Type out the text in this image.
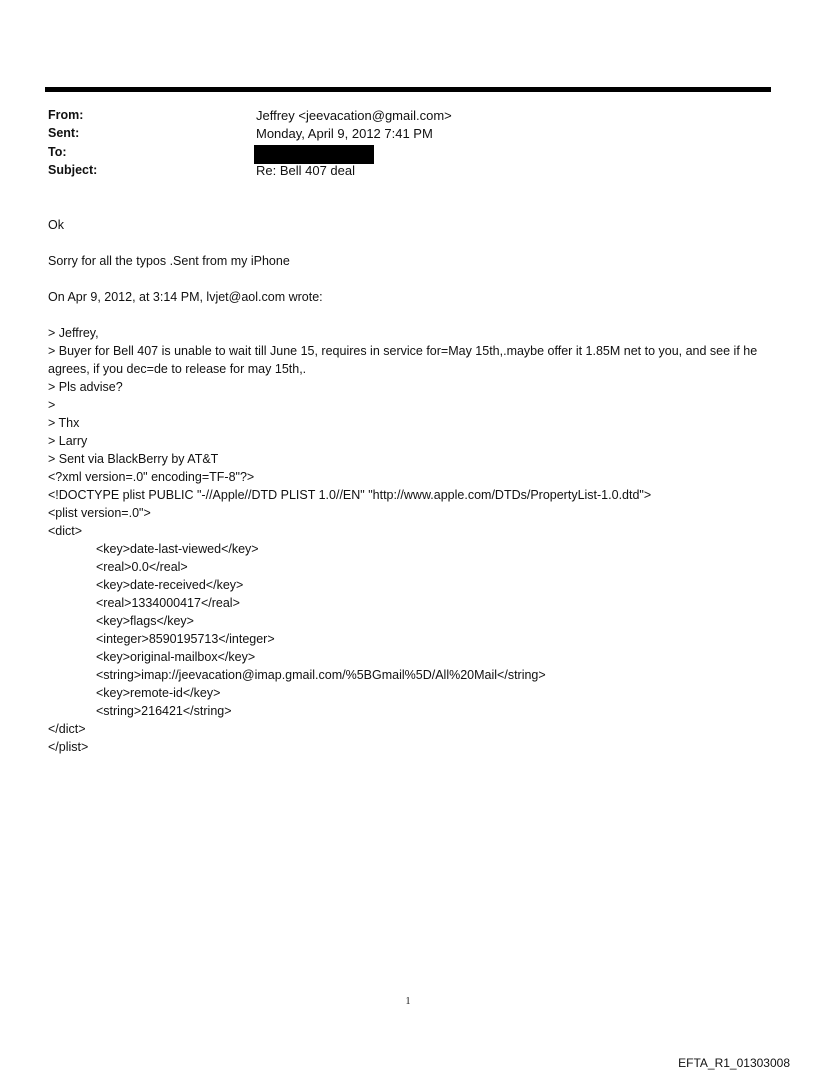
From:	Jeffrey <jeevacation@gmail.com>
Sent:	Monday, April 9, 2012 7:41 PM
To:
Subject:	Re: Bell 407 deal

Ok

Sorry for all the typos .Sent from my iPhone

On Apr 9, 2012, at 3:14 PM, lvjet@aol.com wrote:

> Jeffrey,

> Buyer for Bell 407 is unable to wait till June 15, requires in service for=May 15th,.maybe offer it 1.85M net to you, and see if he agrees, if you dec=de to release for may 15th,.

> Pls advise?

>

> Thx

> Larry

> Sent via BlackBerry by AT&T

<?xml version=.0" encoding=TF-8"?>

<!DOCTYPE plist PUBLIC "-//Apple//DTD PLIST 1.0//EN" "http://www.apple.com/DTDs/PropertyList-1.0.dtd">

<plist version=.0">

<dict>

<key>date-last-viewed</key>

<real>0.0</real>

<key>date-received</key>

<real>1334000417</real>

<key>flags</key>

<integer>8590195713</integer>

<key>original-mailbox</key>

<string>imap://jeevacation@imap.gmail.com/%5BGmail%5D/All%20Mail</string>

<key>remote-id</key>

<string>216421</string>

</dict>

</plist>

1
EFTA_R1_01303008
